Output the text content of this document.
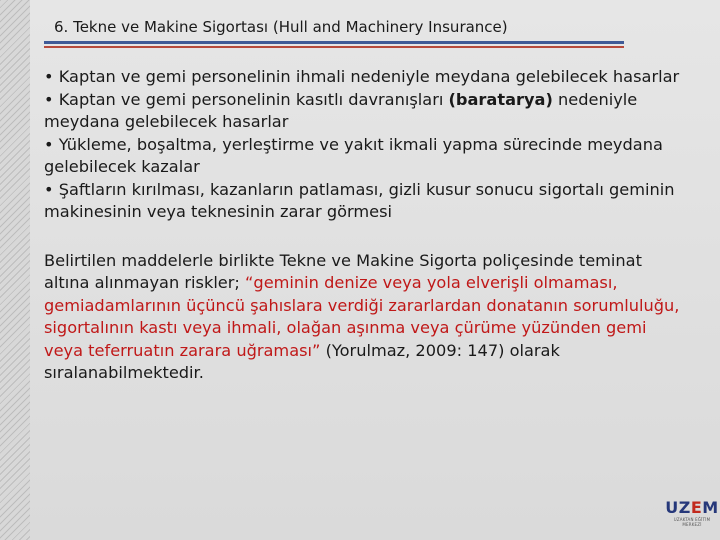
6. Tekne ve Makine Sigortası (Hull and Machinery Insurance)

• Kaptan ve gemi personelinin ihmali nedeniyle meydana gelebilecek hasarlar

• Kaptan ve gemi personelinin kasıtlı davranışları (baratarya) nedeniyle meydana gelebilecek hasarlar

• Yükleme, boşaltma, yerleştirme ve yakıt ikmali yapma sürecinde meydana gelebilecek kazalar

• Şaftların kırılması, kazanların patlaması, gizli kusur sonucu sigortalı geminin makinesinin veya teknesinin zarar görmesi

Belirtilen maddelerle birlikte Tekne ve Makine Sigorta poliçesinde teminat altına alınmayan riskler; “geminin denize veya yola elverişli olmaması, gemiadamlarının üçüncü şahıslara verdiği zararlardan donatanın sorumluluğu, sigortalının kastı veya ihmali, olağan aşınma veya çürüme yüzünden gemi veya teferruatın zarara uğraması” (Yorulmaz, 2009: 147) olarak sıralanabilmektedir.

UZEM
UZAKTAN EĞİTİM MERKEZİ
